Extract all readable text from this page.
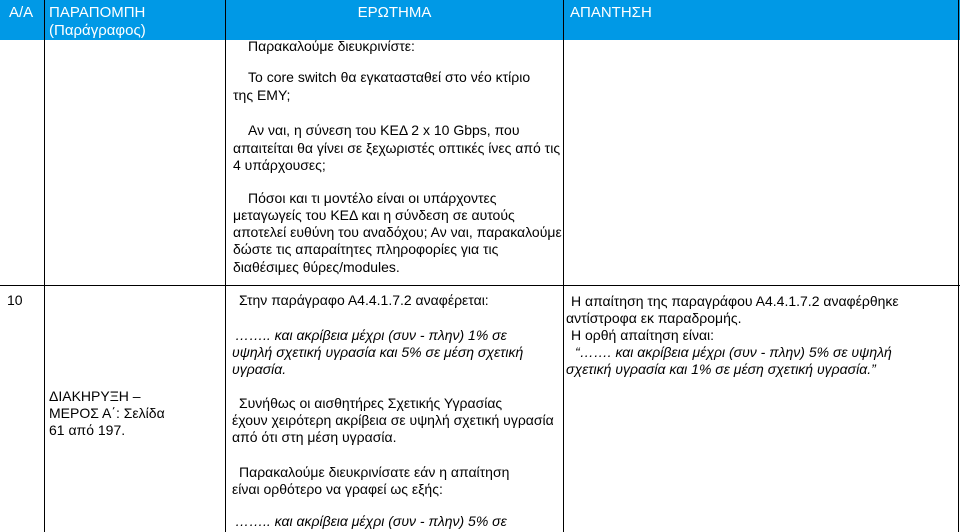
Α/Α	ΠΑΡΑΠΟΜΠΗ
(Παράγραφος)
ΕΡΩΤΗΜΑ	ΑΠΑΝΤΗΣΗ
Παρακαλούμε διευκρινίστε:
Το core switch θα εγκατασταθεί στο νέο κτίριο
της ΕΜΥ;
Αν ναι, η σύνεση του ΚΕΔ 2 x 10 Gbps, που
απαιτείται θα γίνει σε ξεχωριστές οπτικές ίνες από τις
4 υπάρχουσες;
Πόσοι και τι μοντέλο είναι οι υπάρχοντες
μεταγωγείς του ΚΕΔ και η σύνδεση σε αυτούς
αποτελεί ευθύνη του αναδόχου; Αν ναι, παρακαλούμε
δώστε τις απαραίτητες πληροφορίες για τις
διαθέσιμες θύρες/modules.
10
ΔΙΑΚΗΡΥΞΗ –
ΜΕΡΟΣ Α΄: Σελίδα
61 από 197.
Στην παράγραφο Α4.4.1.7.2 αναφέρεται:
…….. και ακρίβεια μέχρι (συν - πλην) 1% σε
υψηλή σχετική υγρασία και 5% σε μέση σχετική
υγρασία.
Συνήθως οι αισθητήρες Σχετικής Υγρασίας
έχουν χειρότερη ακρίβεια σε υψηλή σχετική υγρασία
από ότι στη μέση υγρασία.
Παρακαλούμε διευκρινίσατε εάν η απαίτηση
είναι ορθότερο να γραφεί ως εξής:
…….. και ακρίβεια μέχρι (συν - πλην) 5% σε
Η απαίτηση της παραγράφου Α4.4.1.7.2 αναφέρθηκε
αντίστροφα εκ παραδρομής.
Η ορθή απαίτηση είναι:
“……. και ακρίβεια μέχρι (συν - πλην) 5% σε υψηλή
σχετική υγρασία και 1% σε μέση σχετική υγρασία.”
